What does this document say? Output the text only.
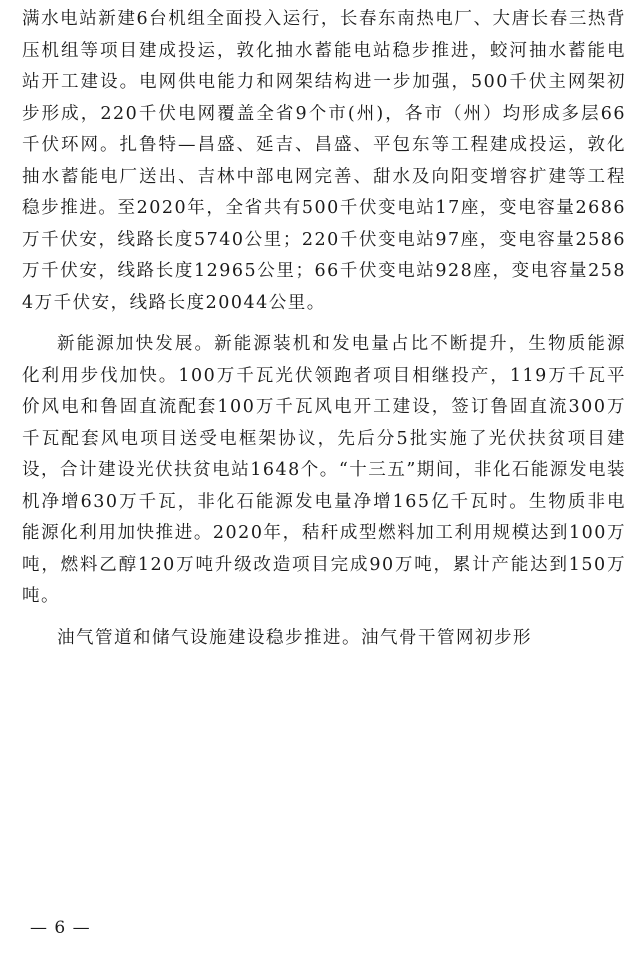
满水电站新建6台机组全面投入运行，长春东南热电厂、大唐长春三热背压机组等项目建成投运，敦化抽水蓄能电站稳步推进，蛟河抽水蓄能电站开工建设。电网供电能力和网架结构进一步加强，500千伏主网架初步形成，220千伏电网覆盖全省9个市(州)，各市（州）均形成多层66千伏环网。扎鲁特—昌盛、延吉、昌盛、平包东等工程建成投运，敦化抽水蓄能电厂送出、吉林中部电网完善、甜水及向阳变增容扩建等工程稳步推进。至2020年，全省共有500千伏变电站17座，变电容量2686万千伏安，线路长度5740公里；220千伏变电站97座，变电容量2586万千伏安，线路长度12965公里；66千伏变电站928座，变电容量2584万千伏安，线路长度20044公里。

新能源加快发展。新能源装机和发电量占比不断提升，生物质能源化利用步伐加快。100万千瓦光伏领跑者项目相继投产，119万千瓦平价风电和鲁固直流配套100万千瓦风电开工建设，签订鲁固直流300万千瓦配套风电项目送受电框架协议，先后分5批实施了光伏扶贫项目建设，合计建设光伏扶贫电站1648个。“十三五”期间，非化石能源发电装机净增630万千瓦，非化石能源发电量净增165亿千瓦时。生物质非电能源化利用加快推进。2020年，秸秆成型燃料加工利用规模达到100万吨，燃料乙醇120万吨升级改造项目完成90万吨，累计产能达到150万吨。

油气管道和储气设施建设稳步推进。油气骨干管网初步形

— 6 —
